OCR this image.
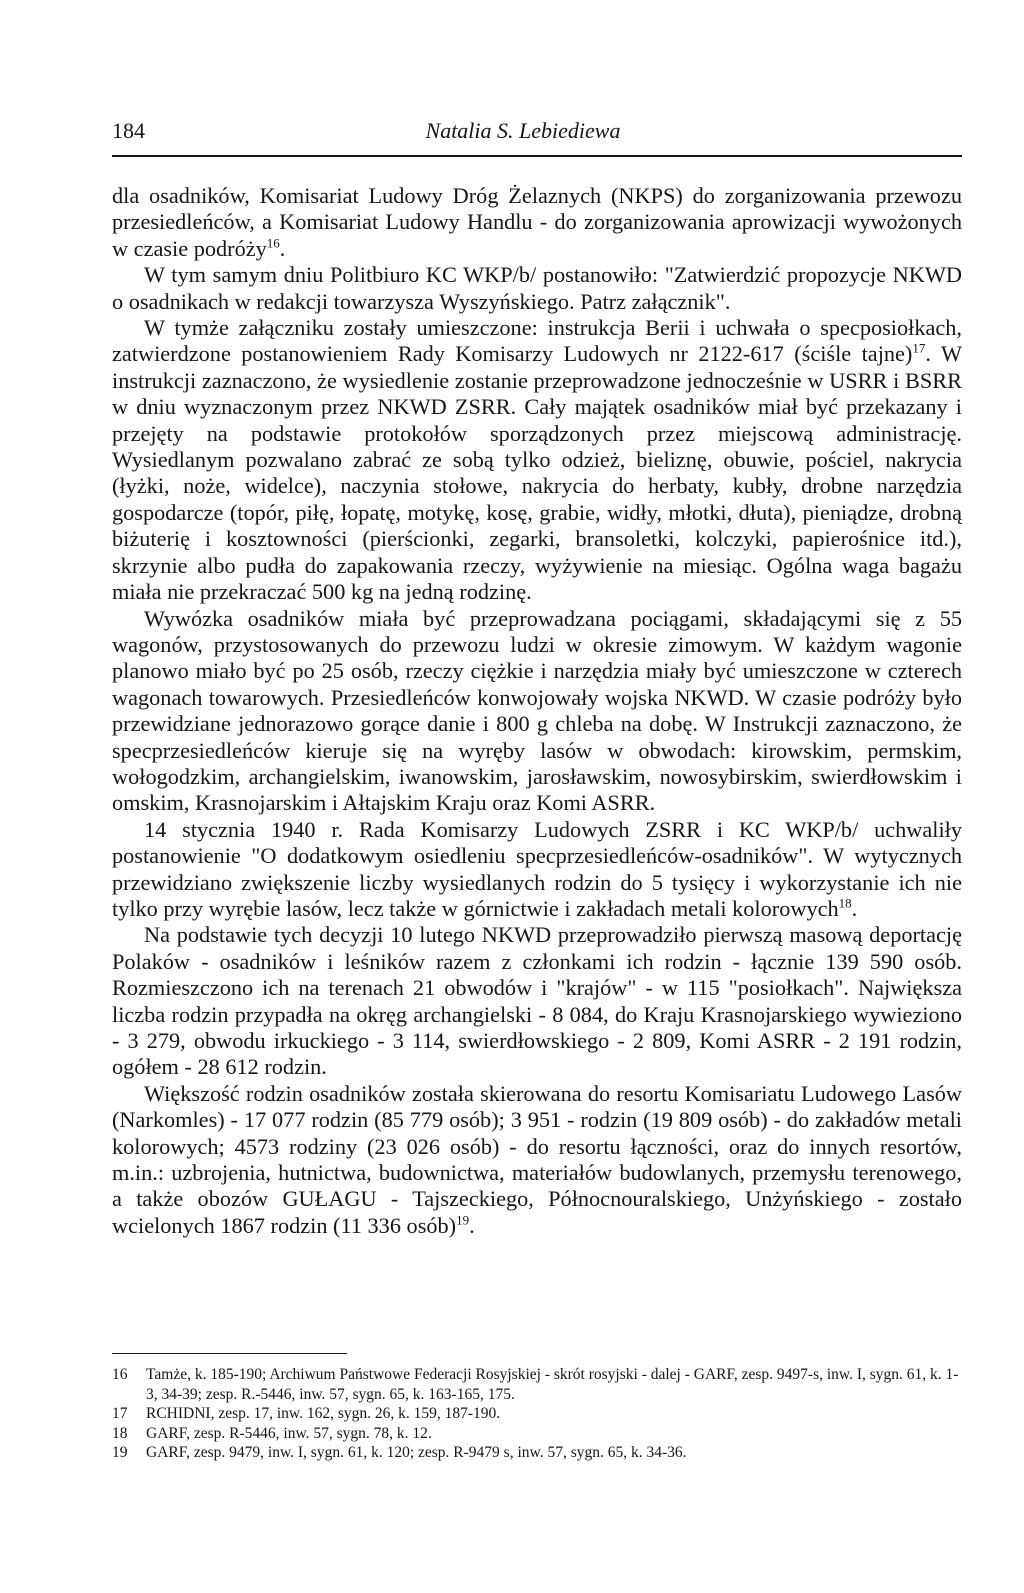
Natalia S. Lebiediewa
184

dla osadników, Komisariat Ludowy Dróg Żelaznych (NKPS) do zorganizowania przewozu przesiedleńców, a Komisariat Ludowy Handlu - do zorganizowania aprowizacji wywożonych w czasie podróży$^{16}$.

W tym samym dniu Politbiuro KC WKP/b/ postanowiło: "Zatwierdzić propozycje NKWD o osadnikach w redakcji towarzysza Wyszyńskiego. Patrz załącznik".

W tymże załączniku zostały umieszczone: instrukcja Berii i uchwała o specposiołkach, zatwierdzone postanowieniem Rady Komisarzy Ludowych nr 2122-617 (ściśle tajne)$^{17}$. W instrukcji zaznaczono, że wysiedlenie zostanie przeprowadzone jednocześnie w USRR i BSRR w dniu wyznaczonym przez NKWD ZSRR. Cały majątek osadników miał być przekazany i przejęty na podstawie protokołów sporządzonych przez miejscową administrację. Wysiedlanym pozwalano zabrać ze sobą tylko odzież, bieliznę, obuwie, pościel, nakrycia (łyżki, noże, widelce), naczynia stołowe, nakrycia do herbaty, kubły, drobne narzędzia gospodarcze (topór, piłę, łopatę, motykę, kosę, grabie, widły, młotki, dłuta), pieniądze, drobną biżuterię i kosztowności (pierścionki, zegarki, bransoletki, kolczyki, papierośnice itd.), skrzynie albo pudła do zapakowania rzeczy, wyżywienie na miesiąc. Ogólna waga bagażu miała nie przekraczać 500 kg na jedną rodzinę.

Wywózka osadników miała być przeprowadzana pociągami, składającymi się z 55 wagonów, przystosowanych do przewozu ludzi w okresie zimowym. W każdym wagonie planowo miało być po 25 osób, rzeczy ciężkie i narzędzia miały być umieszczone w czterech wagonach towarowych. Przesiedleńców konwojowały wojska NKWD. W czasie podróży było przewidziane jednorazowo gorące danie i 800 g chleba na dobę. W Instrukcji zaznaczono, że specprzesiedleńców kieruje się na wyręby lasów w obwodach: kirowskim, permskim, wołogodzkim, archangielskim, iwanowskim, jarosławskim, nowosybirskim, swierdłowskim i omskim, Krasnojarskim i Ałtajskim Kraju oraz Komi ASRR.

14 stycznia 1940 r. Rada Komisarzy Ludowych ZSRR i KC WKP/b/ uchwaliły postanowienie "O dodatkowym osiedleniu specprzesiedleńców-osadników". W wytycznych przewidziano zwiększenie liczby wysiedlanych rodzin do 5 tysięcy i wykorzystanie ich nie tylko przy wyrębie lasów, lecz także w górnictwie i zakładach metali kolorowych$^{18}$.

Na podstawie tych decyzji 10 lutego NKWD przeprowadziło pierwszą masową deportację Polaków - osadników i leśników razem z członkami ich rodzin - łącznie 139 590 osób. Rozmieszczono ich na terenach 21 obwodów i "krajów" - w 115 "posiołkach". Największa liczba rodzin przypadła na okręg archangielski - 8 084, do Kraju Krasnojarskiego wywieziono - 3 279, obwodu irkuckiego - 3 114, swierdłowskiego - 2 809, Komi ASRR - 2 191 rodzin, ogółem - 28 612 rodzin.

Większość rodzin osadników została skierowana do resortu Komisariatu Ludowego Lasów (Narkomles) - 17 077 rodzin (85 779 osób); 3 951 - rodzin (19 809 osób) - do zakładów metali kolorowych; 4573 rodziny (23 026 osób) - do resortu łączności, oraz do innych resortów, m.in.: uzbrojenia, hutnictwa, budownictwa, materiałów budowlanych, przemysłu terenowego, a także obozów GUŁAGU - Tajszeckiego, Północnouralskiego, Unżyńskiego - zostało wcielonych 1867 rodzin (11 336 osób)$^{19}$.

16	Tamże, k. 185-190; Archiwum Państwowe Federacji Rosyjskiej - skrót rosyjski - dalej - GARF, zesp. 9497-s, inw. I, sygn. 61, k. 1-3, 34-39; zesp. R.-5446, inw. 57, sygn. 65, k. 163-165, 175.
17	RCHIDNI, zesp. 17, inw. 162, sygn. 26, k. 159, 187-190.
18	GARF, zesp. R-5446, inw. 57, sygn. 78, k. 12.
19	GARF, zesp. 9479, inw. I, sygn. 61, k. 120; zesp. R-9479 s, inw. 57, sygn. 65, k. 34-36.
